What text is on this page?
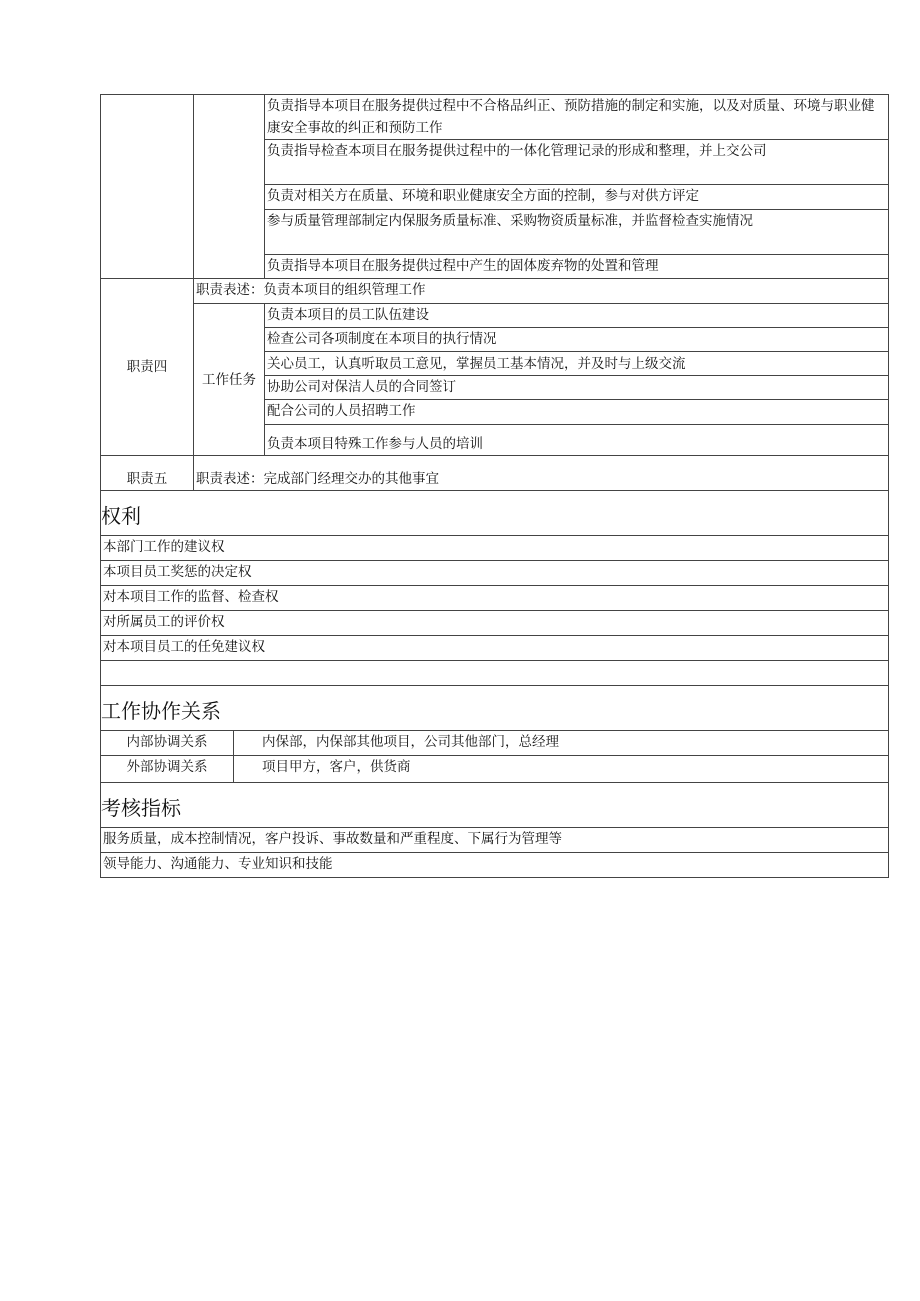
		负责指导本项目在服务提供过程中不合格品纠正、预防措施的制定和实施，以及对质量、环境与职业健康安全事故的纠正和预防工作
		负责指导检查本项目在服务提供过程中的一体化管理记录的形成和整理，并上交公司
		负责对相关方在质量、环境和职业健康安全方面的控制，参与对供方评定
		参与质量管理部制定内保服务质量标准、采购物资质量标准，并监督检查实施情况
		负责指导本项目在服务提供过程中产生的固体废弃物的处置和管理
职责四	职责表述：负责本项目的组织管理工作	
	工作任务	负责本项目的员工队伍建设
		检查公司各项制度在本项目的执行情况
		关心员工，认真听取员工意见，掌握员工基本情况，并及时与上级交流
		协助公司对保洁人员的合同签订
		配合公司的人员招聘工作
		负责本项目特殊工作参与人员的培训
职责五	职责表述：完成部门经理交办的其他事宜	
权利
本部门工作的建议权
本项目员工奖惩的决定权
对本项目工作的监督、检查权
对所属员工的评价权
对本项目员工的任免建议权

工作协作关系
内部协调关系	内保部，内保部其他项目，公司其他部门，总经理
外部协调关系	项目甲方，客户，供货商
考核指标
服务质量，成本控制情况，客户投诉、事故数量和严重程度、下属行为管理等
领导能力、沟通能力、专业知识和技能
